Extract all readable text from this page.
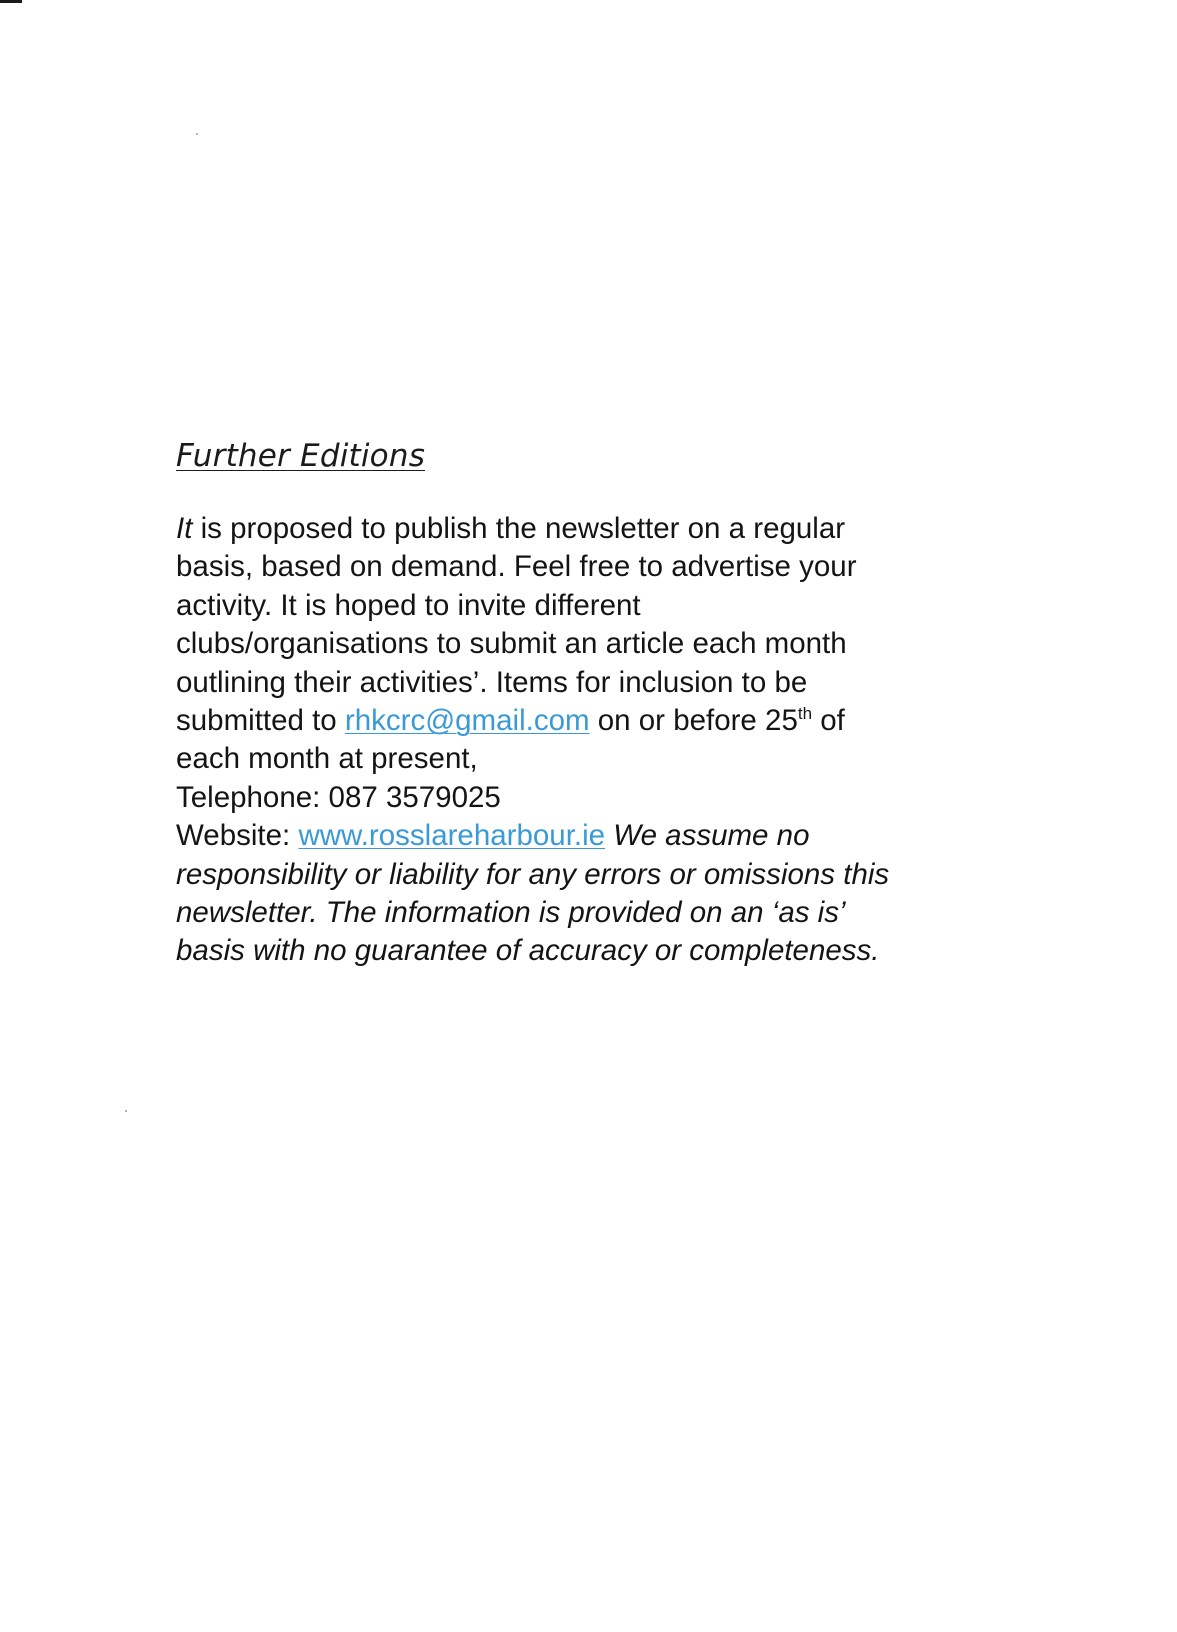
Further Editions

It is proposed to publish the newsletter on a regular
basis, based on demand. Feel free to advertise your
activity. It is hoped to invite different
clubs/organisations to submit an article each month
outlining their activities’. Items for inclusion to be
submitted to rhkcrc@gmail.com on or before 25th of
each month at present,
Telephone: 087 3579025
Website: www.rosslareharbour.ie We assume no
responsibility or liability for any errors or omissions this
newsletter. The information is provided on an ‘as is’
basis with no guarantee of accuracy or completeness.
